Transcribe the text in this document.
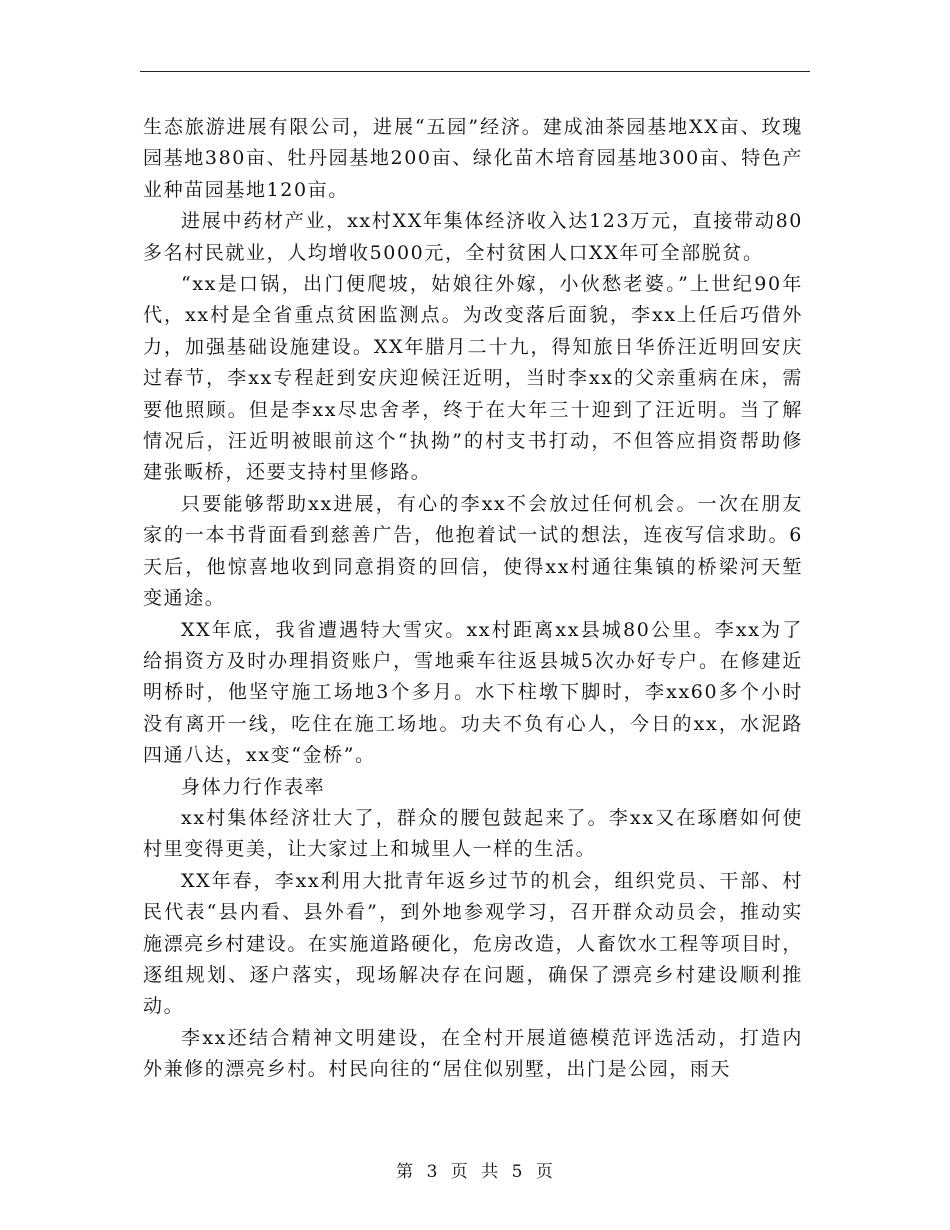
生态旅游进展有限公司，进展“五园”经济。建成油茶园基地XX亩、玫瑰园基地380亩、牡丹园基地200亩、绿化苗木培育园基地300亩、特色产业种苗园基地120亩。

进展中药材产业，xx村XX年集体经济收入达123万元，直接带动80多名村民就业，人均增收5000元，全村贫困人口XX年可全部脱贫。

“xx是口锅，出门便爬坡，姑娘往外嫁，小伙愁老婆。”上世纪90年代，xx村是全省重点贫困监测点。为改变落后面貌，李xx上任后巧借外力，加强基础设施建设。XX年腊月二十九，得知旅日华侨汪近明回安庆过春节，李xx专程赶到安庆迎候汪近明，当时李xx的父亲重病在床，需要他照顾。但是李xx尽忠舍孝，终于在大年三十迎到了汪近明。当了解情况后，汪近明被眼前这个“执拗”的村支书打动，不但答应捐资帮助修建张畈桥，还要支持村里修路。

只要能够帮助xx进展，有心的李xx不会放过任何机会。一次在朋友家的一本书背面看到慈善广告，他抱着试一试的想法，连夜写信求助。6天后，他惊喜地收到同意捐资的回信，使得xx村通往集镇的桥梁河天堑变通途。

XX年底，我省遭遇特大雪灾。xx村距离xx县城80公里。李xx为了给捐资方及时办理捐资账户，雪地乘车往返县城5次办好专户。在修建近明桥时，他坚守施工场地3个多月。水下柱墩下脚时，李xx60多个小时没有离开一线，吃住在施工场地。功夫不负有心人，今日的xx，水泥路四通八达，xx变“金桥”。

身体力行作表率

xx村集体经济壮大了，群众的腰包鼓起来了。李xx又在琢磨如何使村里变得更美，让大家过上和城里人一样的生活。

XX年春，李xx利用大批青年返乡过节的机会，组织党员、干部、村民代表“县内看、县外看”，到外地参观学习，召开群众动员会，推动实施漂亮乡村建设。在实施道路硬化，危房改造，人畜饮水工程等项目时，逐组规划、逐户落实，现场解决存在问题，确保了漂亮乡村建设顺利推动。

李xx还结合精神文明建设，在全村开展道德模范评选活动，打造内外兼修的漂亮乡村。村民向往的“居住似别墅，出门是公园，雨天

第 3 页 共 5 页
